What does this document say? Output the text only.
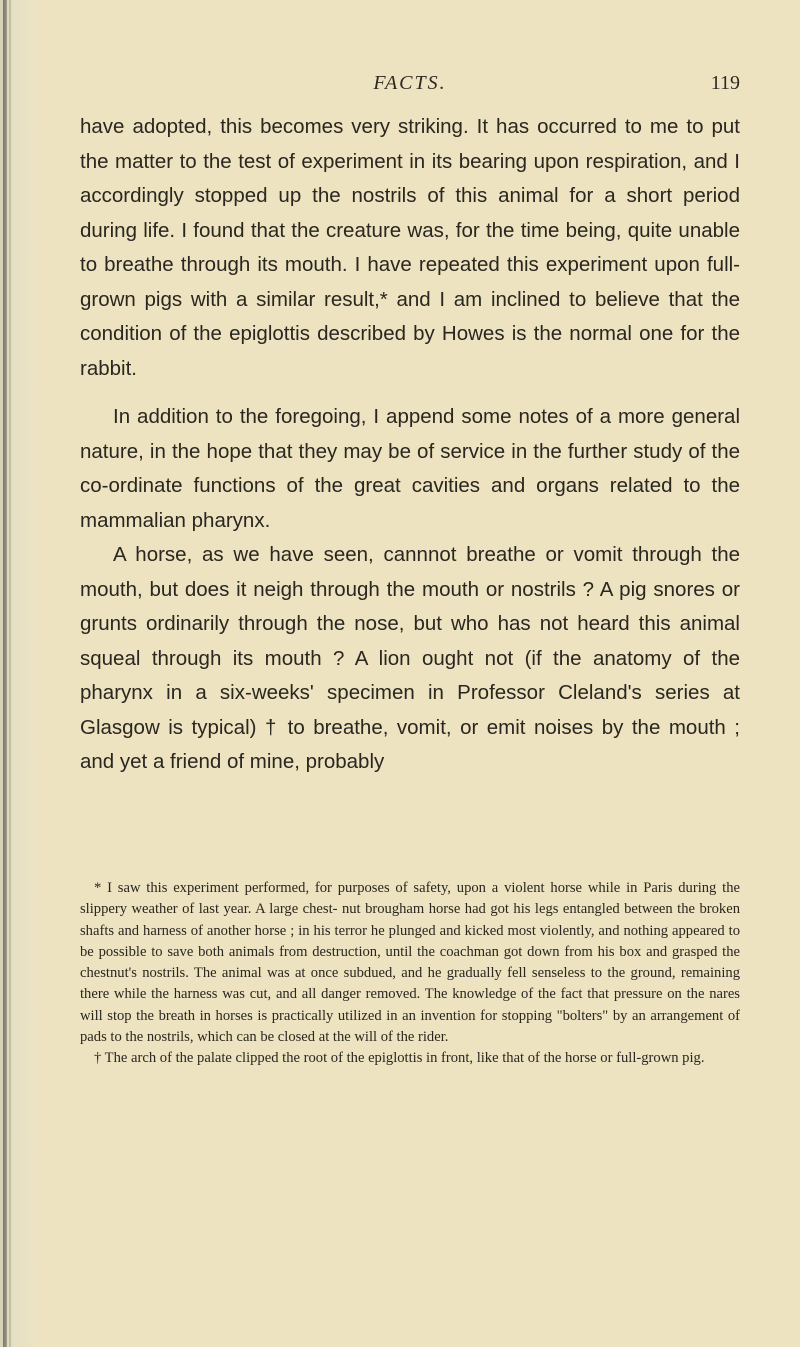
FACTS.	119

have adopted, this becomes very striking. It has occurred to me to put the matter to the test of experiment in its bearing upon respiration, and I accordingly stopped up the nostrils of this animal for a short period during life. I found that the creature was, for the time being, quite unable to breathe through its mouth. I have repeated this experiment upon full-grown pigs with a similar result,* and I am inclined to believe that the condition of the epiglottis described by Howes is the normal one for the rabbit.

In addition to the foregoing, I append some notes of a more general nature, in the hope that they may be of service in the further study of the co-ordinate functions of the great cavities and organs related to the mammalian pharynx.

A horse, as we have seen, cannnot breathe or vomit through the mouth, but does it neigh through the mouth or nostrils ? A pig snores or grunts ordinarily through the nose, but who has not heard this animal squeal through its mouth ? A lion ought not (if the anatomy of the pharynx in a six-weeks' specimen in Professor Cleland's series at Glasgow is typical) † to breathe, vomit, or emit noises by the mouth ; and yet a friend of mine, probably

* I saw this experiment performed, for purposes of safety, upon a violent horse while in Paris during the slippery weather of last year. A large chest- nut brougham horse had got his legs entangled between the broken shafts and harness of another horse ; in his terror he plunged and kicked most violently, and nothing appeared to be possible to save both animals from destruction, until the coachman got down from his box and grasped the chestnut's nostrils. The animal was at once subdued, and he gradually fell senseless to the ground, remaining there while the harness was cut, and all danger removed. The knowledge of the fact that pressure on the nares will stop the breath in horses is practically utilized in an invention for stopping "bolters" by an arrangement of pads to the nostrils, which can be closed at the will of the rider.

† The arch of the palate clipped the root of the epiglottis in front, like that of the horse or full-grown pig.
